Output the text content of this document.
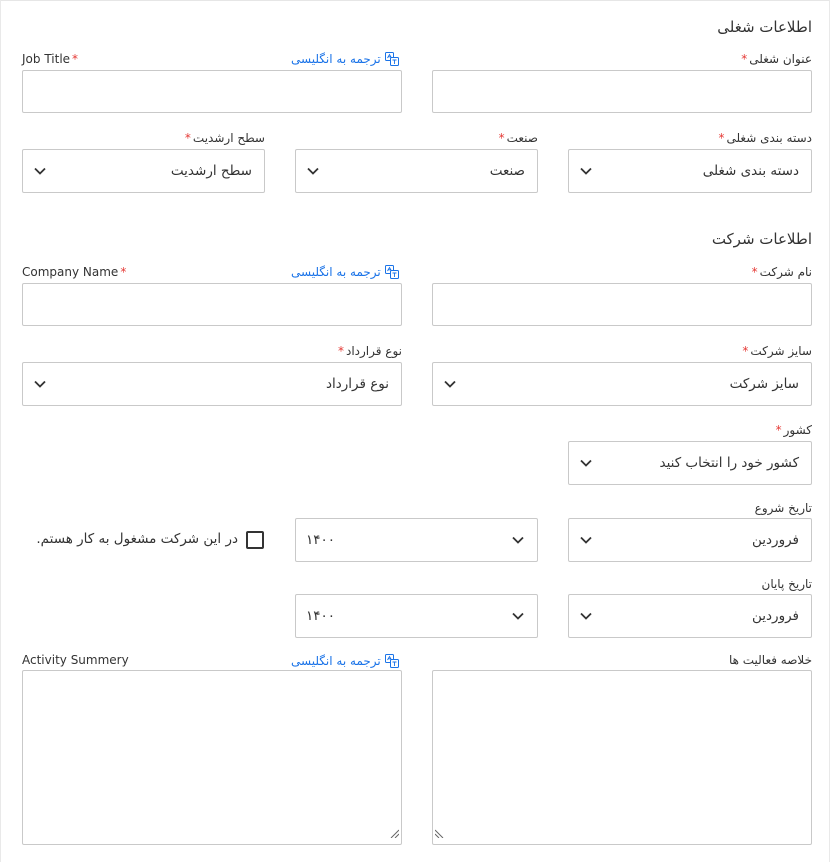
اطلاعات شغلی
عنوان شغلی*
ترجمه به انگلیسی
Job Title *
دسته بندی شغلی*
صنعت*
سطح ارشدیت*
دسته بندی شغلی
صنعت
سطح ارشدیت
اطلاعات شرکت
نام شرکت*
ترجمه به انگلیسی
Company Name *
سایز شرکت*
نوع قرارداد*
سایز شرکت
نوع قرارداد
کشور*
کشور خود را انتخاب کنید
تاریخ شروع
فروردین
۱۴۰۰
در این شرکت مشغول به کار هستم.
تاریخ پایان
فروردین
۱۴۰۰
خلاصه فعالیت ها
ترجمه به انگلیسی
Activity Summery
